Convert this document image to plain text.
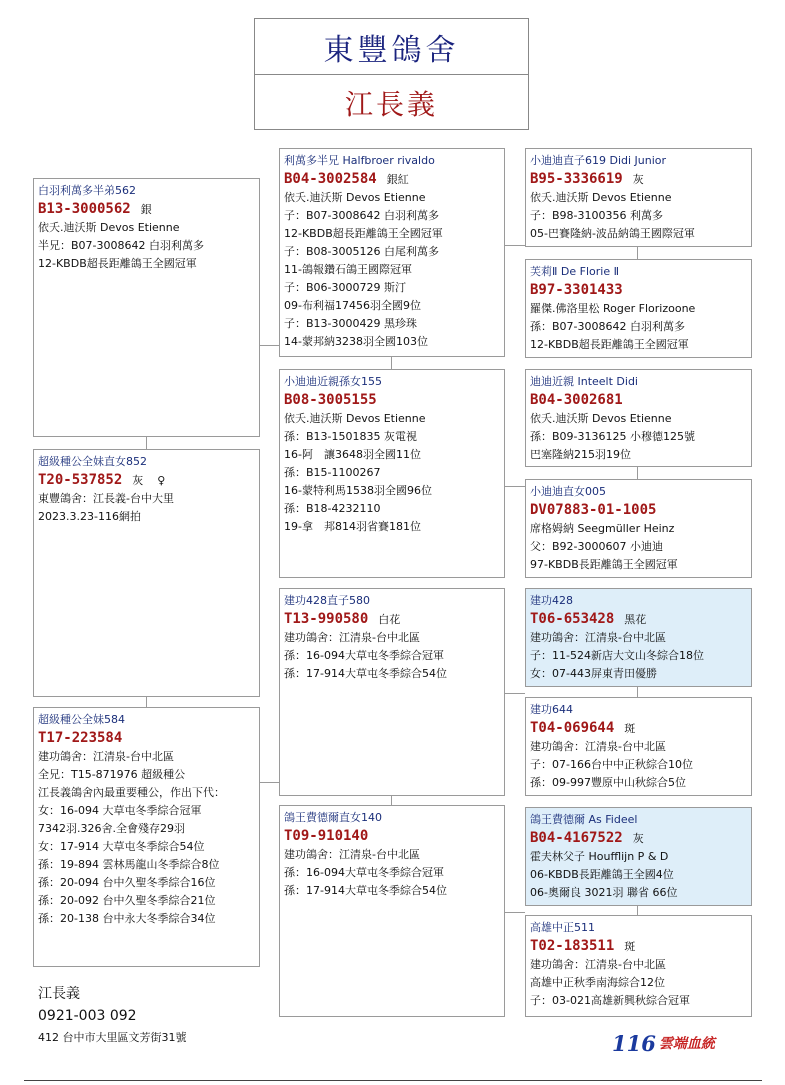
東豐鴿舍
江長義
白羽利萬多半弟562
B13-3000562 銀
依夭.迪沃斯 Devos Etienne
半兄：B07-3008642 白羽利萬多
12-KBDB超長距離鴿王全國冠軍
超級種公全妹直女852
T20-537852 灰 ♀
東豐鴿舍：江長義-台中大里
2023.3.23-116網拍
超級種公全妹584
T17-223584
建功鴿舍：江清泉-台中北區
全兄：T15-871976 超級種公
江長義鴿舍內最重要種公，作出下代：
女：16-094 大草屯冬季綜合冠軍
7342羽.326舍.全會殘存29羽
女：17-914 大草屯冬季綜合54位
孫：19-894 雲林馬龍山冬季綜合8位
孫：20-094 台中久聖冬季綜合16位
孫：20-092 台中久聖冬季綜合21位
孫：20-138 台中永大冬季綜合34位
利萬多半兄 Halfbroer rivaldo
B04-3002584 銀紅
依夭.迪沃斯 Devos Etienne
子：B07-3008642 白羽利萬多
12-KBDB超長距離鴿王全國冠軍
子：B08-3005126 白尾利萬多
11-鴿報鑽石鴿王國際冠軍
子：B06-3000729 斯汀
09-布利福17456羽全國9位
子：B13-3000429 黑珍珠
14-蒙邦納3238羽全國103位
小迪迪近親孫女155
B08-3005155
依夭.迪沃斯 Devos Etienne
孫：B13-1501835 灰電視
16-阿　讓3648羽全國11位
孫：B15-1100267
16-蒙特利馬1538羽全國96位
孫：B18-4232110
19-拿　邦814羽省賽181位
建功428直子580
T13-990580 白花
建功鴿舍：江清泉-台中北區
孫：16-094大草屯冬季綜合冠軍
孫：17-914大草屯冬季綜合54位
鴿王費德爾直女140
T09-910140
建功鴿舍：江清泉-台中北區
孫：16-094大草屯冬季綜合冠軍
孫：17-914大草屯冬季綜合54位
小迪迪直子619 Didi Junior
B95-3336619 灰
依夭.迪沃斯 Devos Etienne
子：B98-3100356 利萬多
05-巴賽隆納-波品納鴿王國際冠軍
芙莉Ⅱ De Florie Ⅱ
B97-3301433
羅傑.佛洛里松 Roger Florizoone
孫：B07-3008642 白羽利萬多
12-KBDB超長距離鴿王全國冠軍
迪迪近親 Inteelt Didi
B04-3002681
依夭.迪沃斯 Devos Etienne
孫：B09-3136125 小穆德125號
巴塞隆納215羽19位
小迪迪直女005
DV07883-01-1005
席格姆納 Seegmüller Heinz
父：B92-3000607 小迪迪
97-KBDB長距離鴿王全國冠軍
建功428
T06-653428 黑花
建功鴿舍：江清泉-台中北區
子：11-524新店大文山冬綜合18位
女：07-443屏東青田優勝
建功644
T04-069644 斑
建功鴿舍：江清泉-台中北區
子：07-166台中中正秋綜合10位
孫：09-997豐原中山秋綜合5位
鴿王費德爾 As Fideel
B04-4167522 灰
霍夫林父子 Houfflijn P & D
06-KBDB長距離鴿王全國4位
06-奧爾良 3021羽 聯省 66位
高雄中正511
T02-183511 斑
建功鴿舍：江清泉-台中北區
高雄中正秋季南海綜合12位
子：03-021高雄新興秋綜合冠軍
江長義
0921-003 092
412 台中市大里區文芳街31號	116 雲端血統
